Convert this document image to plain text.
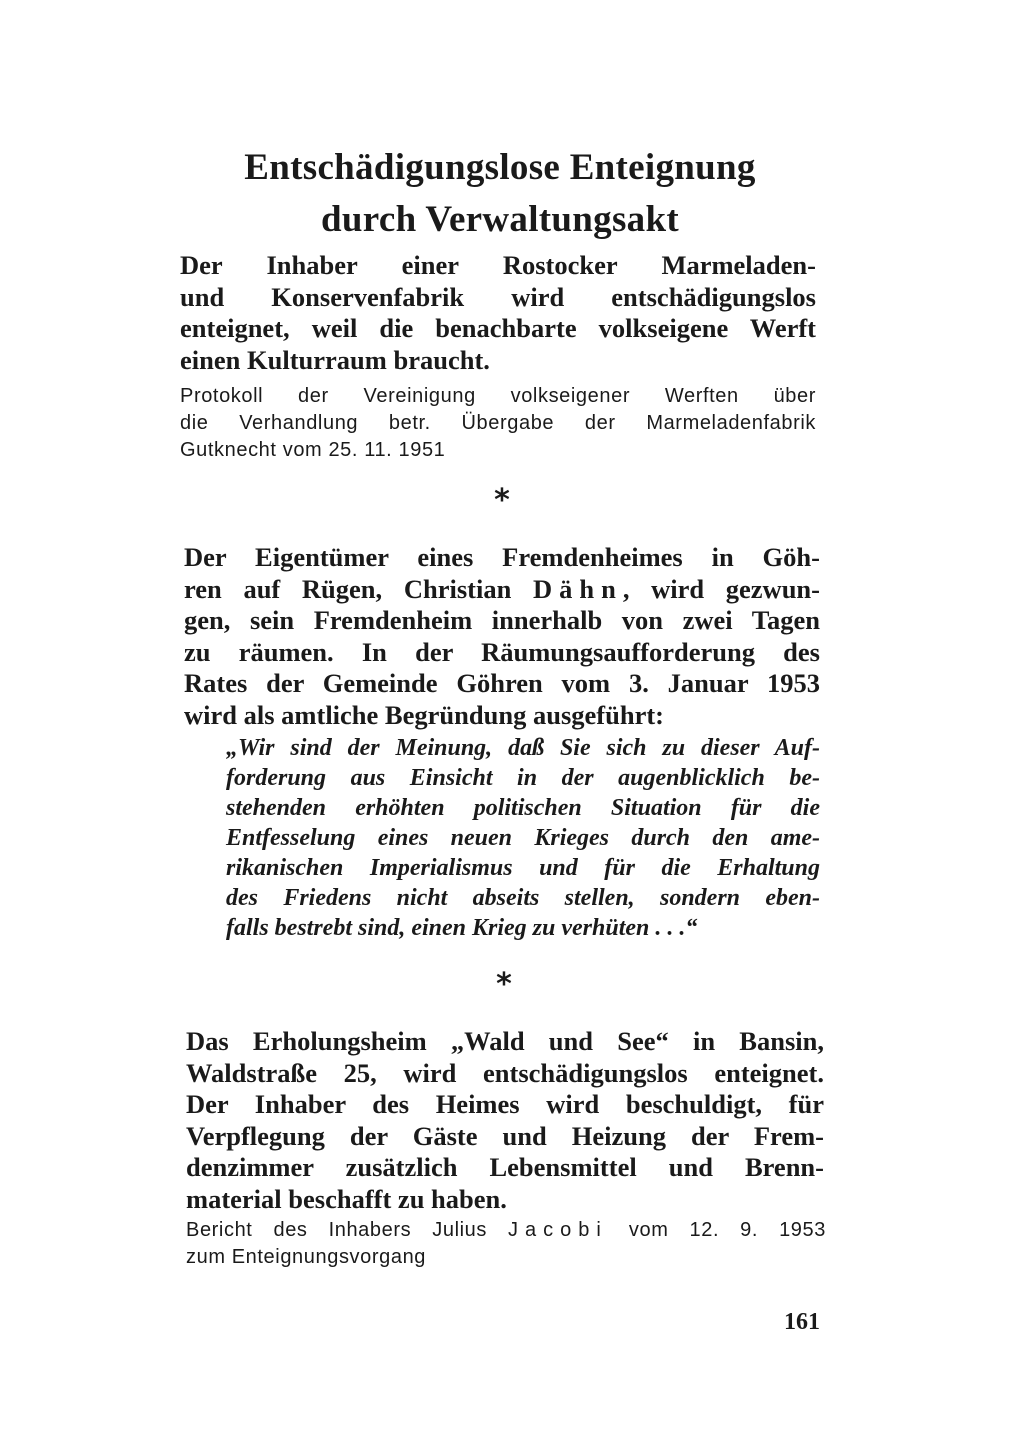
Entschädigungslose Enteignung
durch Verwaltungsakt
Der Inhaber einer Rostocker Marmeladen-
und Konservenfabrik wird entschädigungslos
enteignet, weil die benachbarte volkseigene Werft
einen Kulturraum braucht.
Protokoll der Vereinigung volkseigener Werften über
die Verhandlung betr. Übergabe der Marmeladenfabrik
Gutknecht vom 25. 11. 1951
*
Der Eigentümer eines Fremdenheimes in Göh-
ren auf Rügen, Christian Dähn, wird gezwun-
gen, sein Fremdenheim innerhalb von zwei Tagen
zu räumen. In der Räumungsaufforderung des
Rates der Gemeinde Göhren vom 3. Januar 1953
wird als amtliche Begründung ausgeführt:
„Wir sind der Meinung, daß Sie sich zu dieser Auf-
forderung aus Einsicht in der augenblicklich be-
stehenden erhöhten politischen Situation für die
Entfesselung eines neuen Krieges durch den ame-
rikanischen Imperialismus und für die Erhaltung
des Friedens nicht abseits stellen, sondern eben-
falls bestrebt sind, einen Krieg zu verhüten . . .“
*
Das Erholungsheim „Wald und See“ in Bansin,
Waldstraße 25, wird entschädigungslos enteignet.
Der Inhaber des Heimes wird beschuldigt, für
Verpflegung der Gäste und Heizung der Frem-
denzimmer zusätzlich Lebensmittel und Brenn-
material beschafft zu haben.
Bericht des Inhabers Julius Jacobi vom 12. 9. 1953
zum Enteignungsvorgang
161
